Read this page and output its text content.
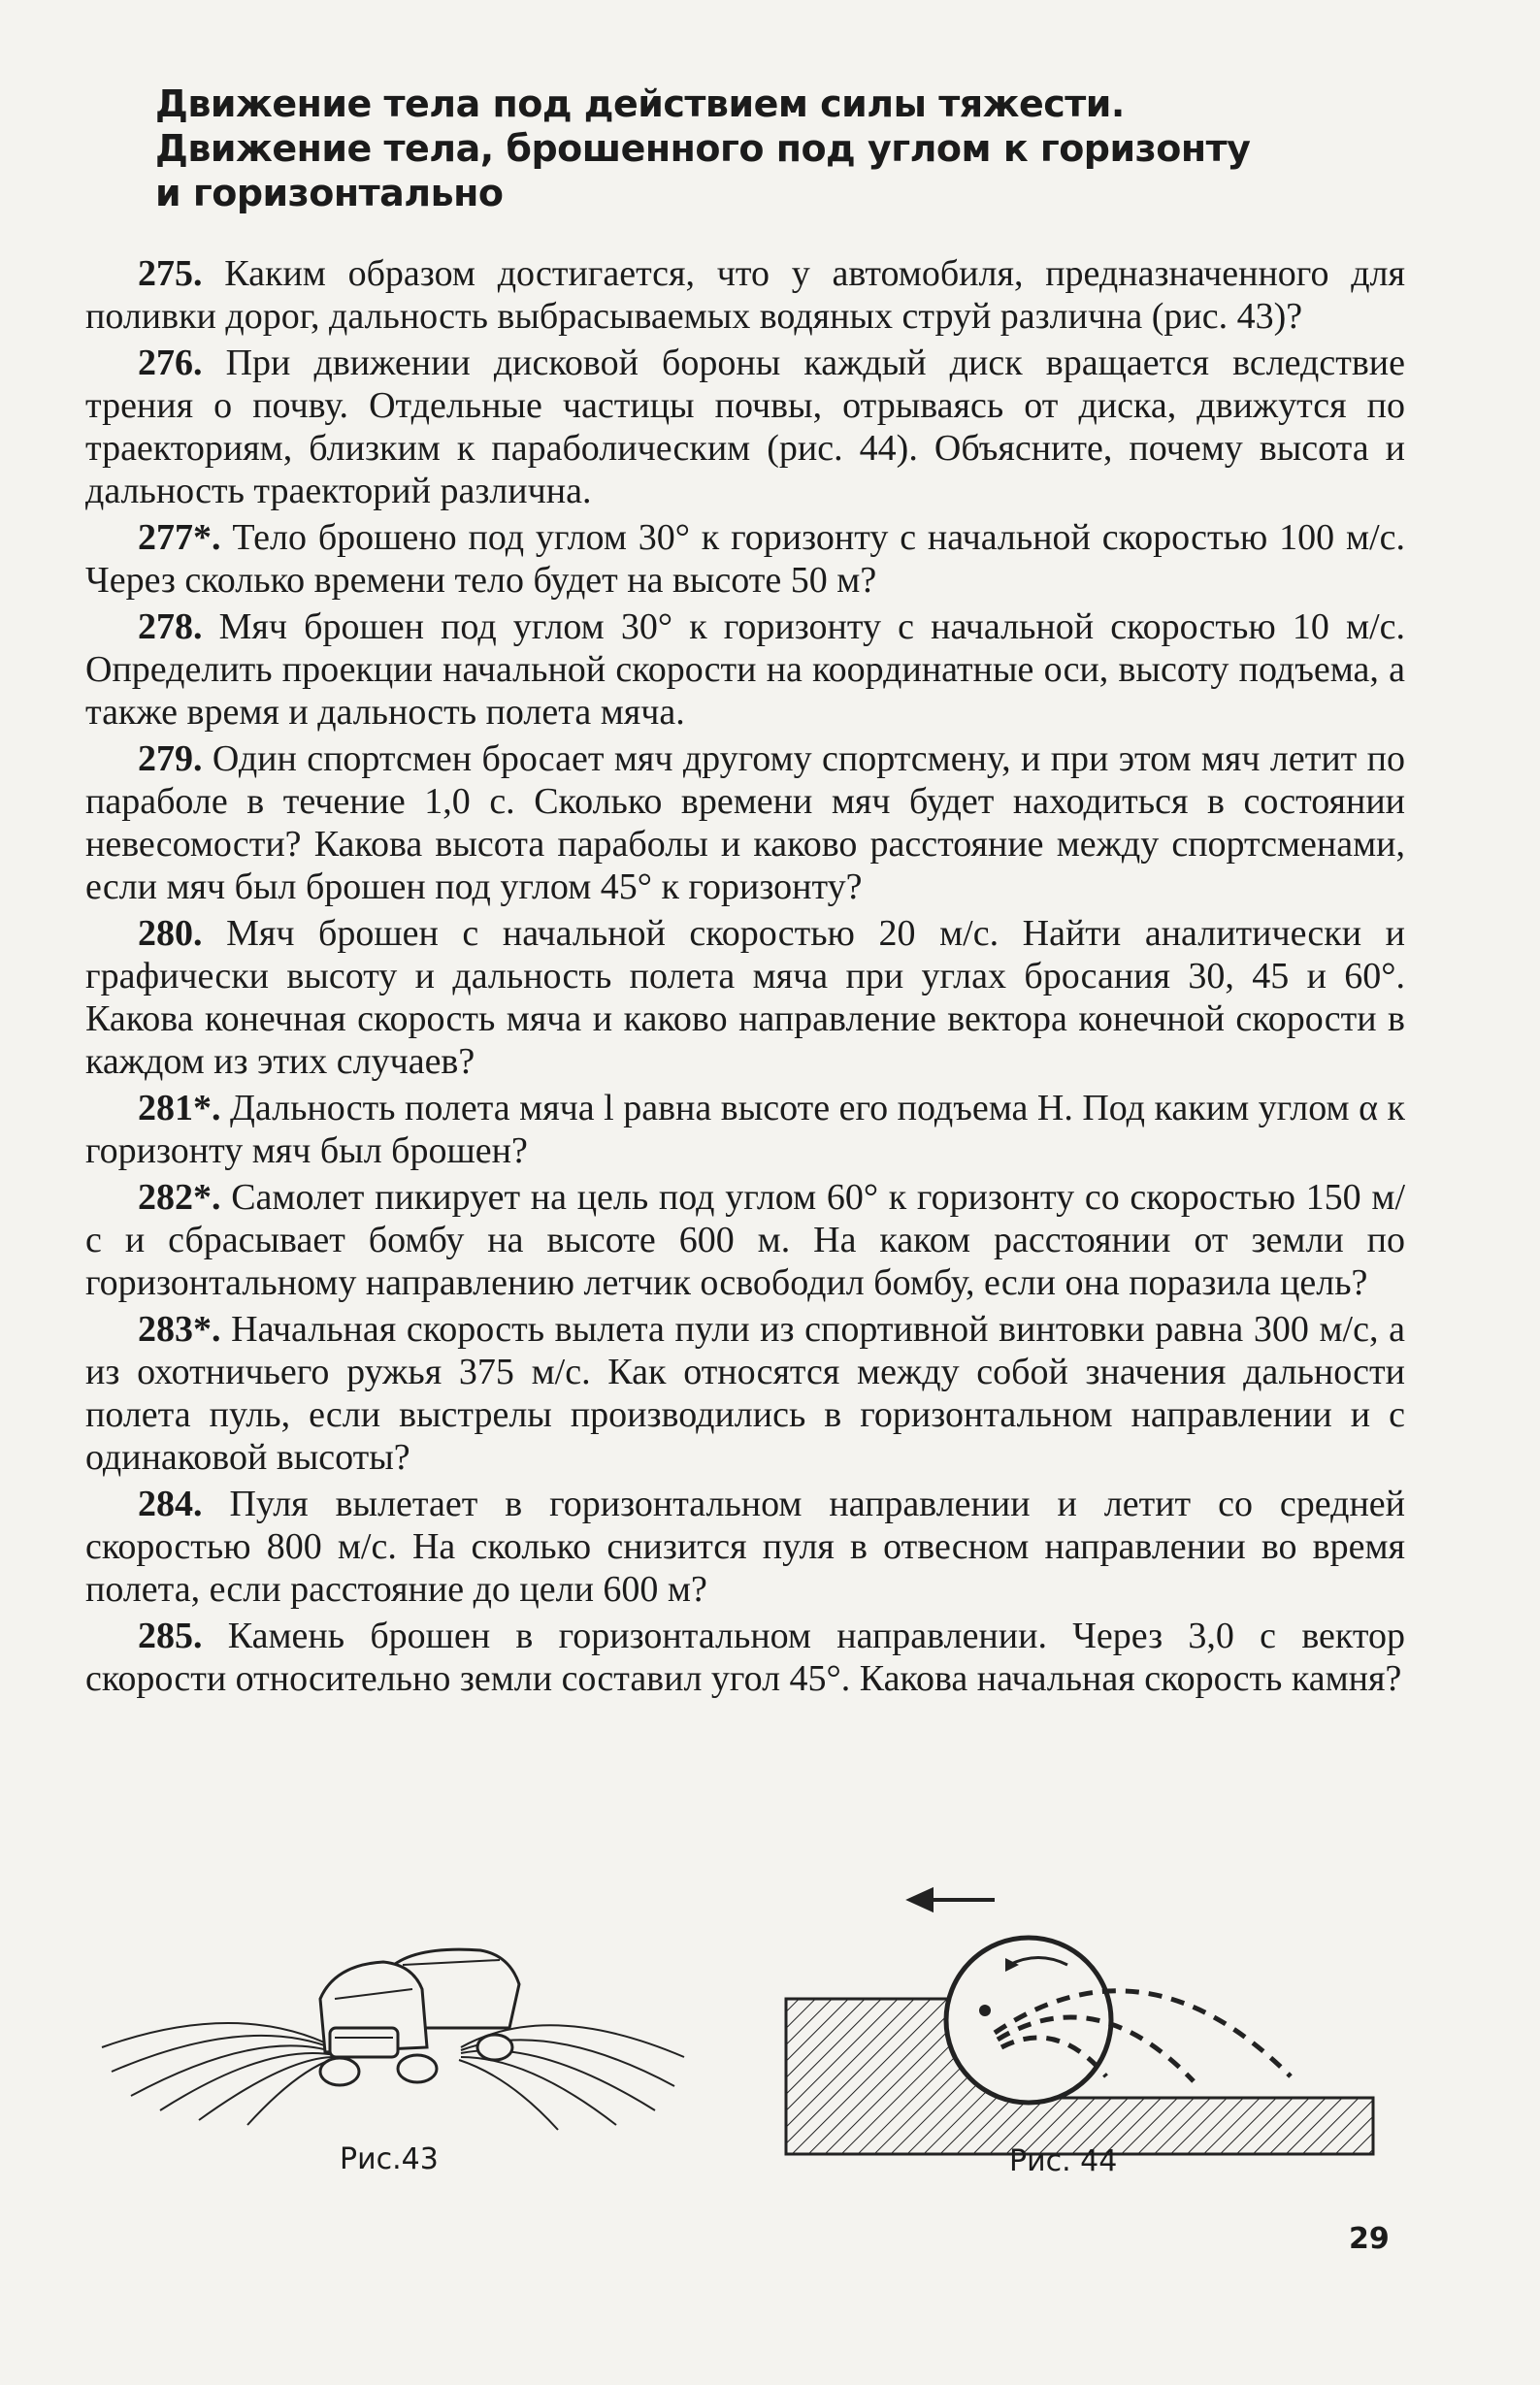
Движение тела под действием силы тяжести.
Движение тела, брошенного под углом к горизонту
и горизонтально

275. Каким образом достигается, что у автомобиля, предназначенного для поливки дорог, дальность выбрасываемых водяных струй различна (рис. 43)?

276. При движении дисковой бороны каждый диск вращается вследствие трения о почву. Отдельные частицы почвы, отрываясь от диска, движутся по траекториям, близким к параболическим (рис. 44). Объясните, почему высота и дальность траекторий различна.

277*. Тело брошено под углом 30° к горизонту с начальной скоростью 100 м/с. Через сколько времени тело будет на высоте 50 м?

278. Мяч брошен под углом 30° к горизонту с начальной скоростью 10 м/с. Определить проекции начальной скорости на координатные оси, высоту подъема, а также время и дальность полета мяча.

279. Один спортсмен бросает мяч другому спортсмену, и при этом мяч летит по параболе в течение 1,0 с. Сколько времени мяч будет находиться в состоянии невесомости? Какова высота параболы и каково расстояние между спортсменами, если мяч был брошен под углом 45° к горизонту?

280. Мяч брошен с начальной скоростью 20 м/с. Найти аналитически и графически высоту и дальность полета мяча при углах бросания 30, 45 и 60°. Какова конечная скорость мяча и каково направление вектора конечной скорости в каждом из этих случаев?

281*. Дальность полета мяча l равна высоте его подъема H. Под каким углом α к горизонту мяч был брошен?

282*. Самолет пикирует на цель под углом 60° к горизонту со скоростью 150 м/с и сбрасывает бомбу на высоте 600 м. На каком расстоянии от земли по горизонтальному направлению летчик освободил бомбу, если она поразила цель?

283*. Начальная скорость вылета пули из спортивной винтовки равна 300 м/с, а из охотничьего ружья 375 м/с. Как относятся между собой значения дальности полета пуль, если выстрелы производились в горизонтальном направлении и с одинаковой высоты?

284. Пуля вылетает в горизонтальном направлении и летит со средней скоростью 800 м/с. На сколько снизится пуля в отвесном направлении во время полета, если расстояние до цели 600 м?

285. Камень брошен в горизонтальном направлении. Через 3,0 с вектор скорости относительно земли составил угол 45°. Какова начальная скорость камня?

Рис.43	Рис. 44
29
